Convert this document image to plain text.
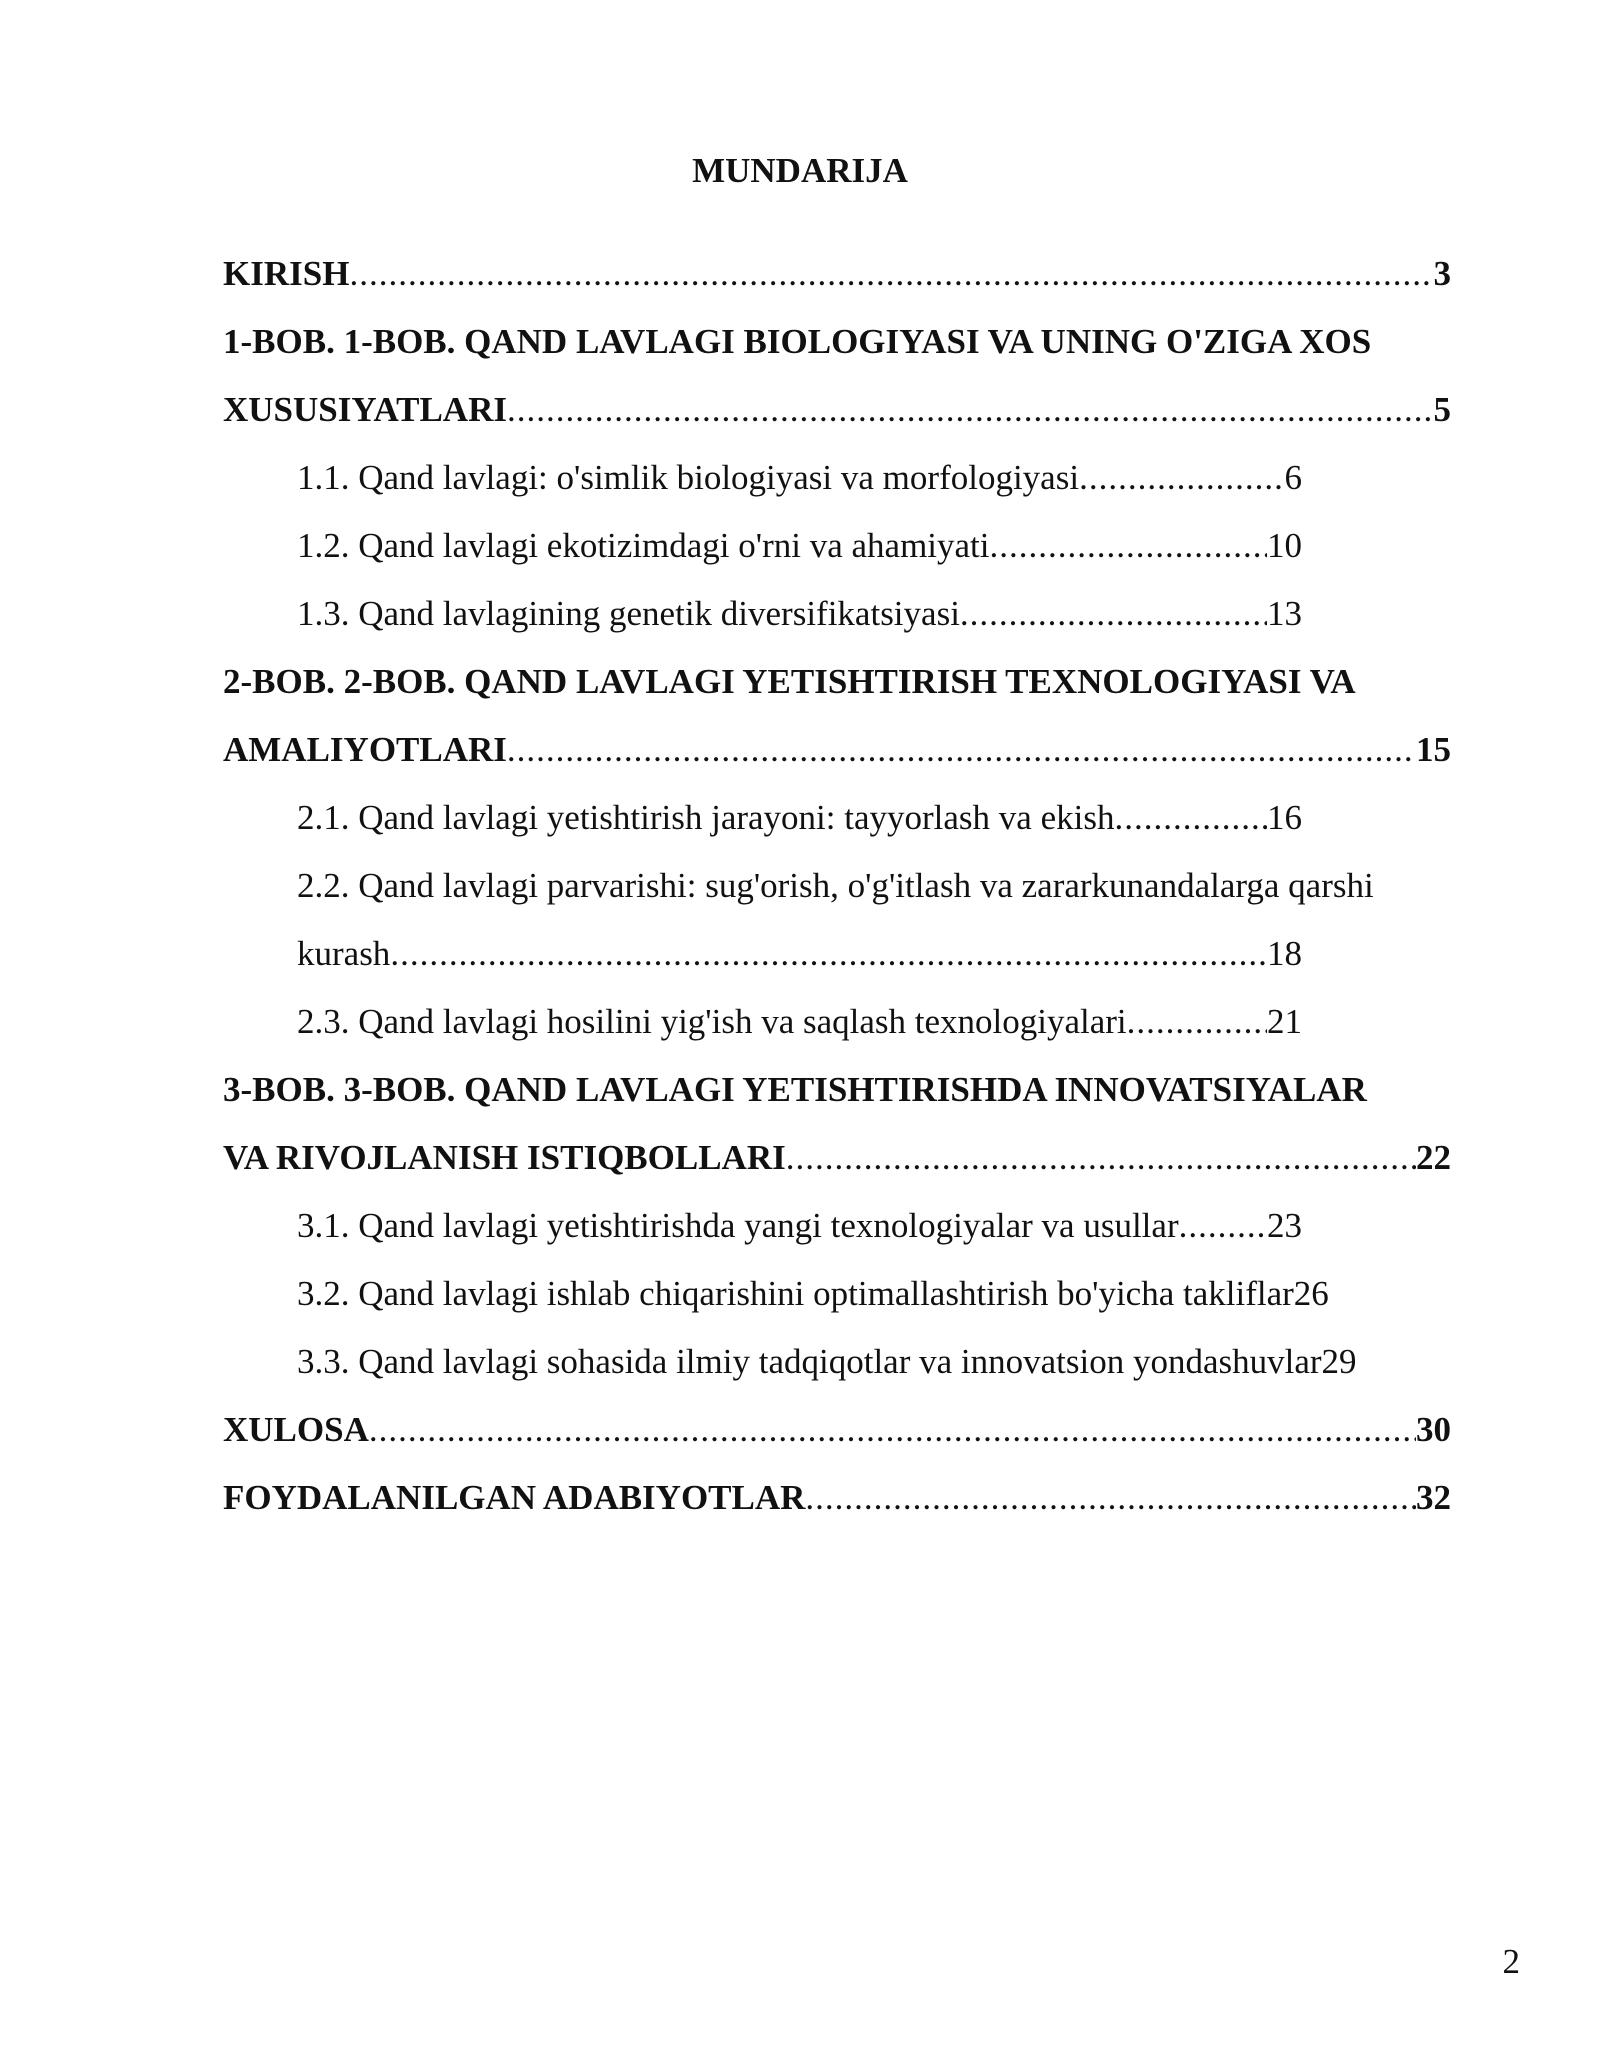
MUNDARIJA
KIRISH .....	3
1-BOB. 1-BOB. QAND LAVLAGI BIOLOGIYASI VA UNING O'ZIGA XOS
XUSUSIYATLARI .....	5
1.1. Qand lavlagi: o'simlik biologiyasi va morfologiyasi .....	6
1.2. Qand lavlagi ekotizimdagi o'rni va ahamiyati .....	10
1.3. Qand lavlagining genetik diversifikatsiyasi .....	13
2-BOB. 2-BOB. QAND LAVLAGI YETISHTIRISH TEXNOLOGIYASI VA
AMALIYOTLARI .....	15
2.1. Qand lavlagi yetishtirish jarayoni: tayyorlash va ekish .....	16
2.2. Qand lavlagi parvarishi: sug'orish, o'g'itlash va zararkunandalarga qarshi
kurash .....	18
2.3. Qand lavlagi hosilini yig'ish va saqlash texnologiyalari .....	21
3-BOB. 3-BOB. QAND LAVLAGI YETISHTIRISHDA INNOVATSIYALAR
VA RIVOJLANISH ISTIQBOLLARI .....	22
3.1. Qand lavlagi yetishtirishda yangi texnologiyalar va usullar .....	23
3.2. Qand lavlagi ishlab chiqarishini optimallashtirish bo'yicha takliflar 26
3.3. Qand lavlagi sohasida ilmiy tadqiqotlar va innovatsion yondashuvlar 29
XULOSA .....	30
FOYDALANILGAN ADABIYOTLAR .....	32
2
